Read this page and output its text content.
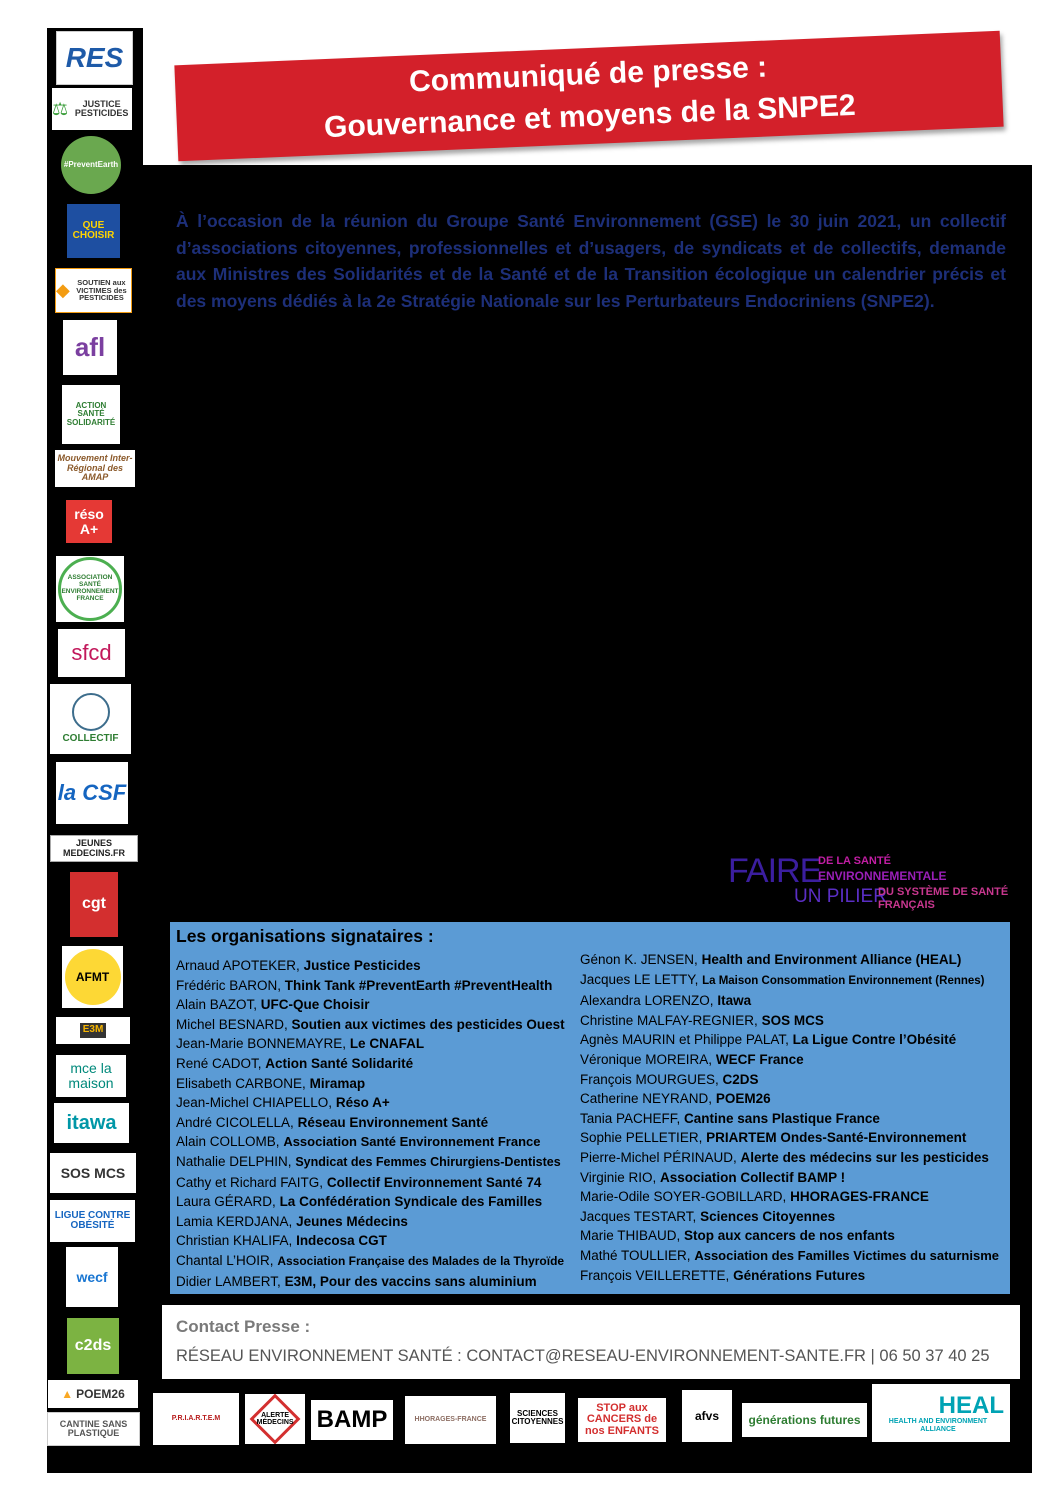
Communiqué de presse :
Gouvernance et moyens de la SNPE2
À l’occasion de la réunion du Groupe Santé Environnement (GSE) le 30 juin 2021, un collectif d’associations citoyennes, professionnelles et d’usagers, de syndicats et de collectifs, demande aux Ministres des Solidarités et de la Santé et de la Transition écologique un calendrier précis et des moyens dédiés à la 2e Stratégie Nationale sur les Perturbateurs Endocriniens (SNPE2).
FAIRE
DE LA SANTÉ
ENVIRONNEMENTALE
UN PILIER
DU SYSTÈME DE SANTÉ
FRANÇAIS
Les organisations signataires :
Arnaud APOTEKER, Justice Pesticides
Frédéric BARON, Think Tank #PreventEarth #PreventHealth
Alain BAZOT, UFC-Que Choisir
Michel BESNARD, Soutien aux victimes des pesticides Ouest
Jean-Marie BONNEMAYRE, Le CNAFAL
René CADOT, Action Santé Solidarité
Elisabeth CARBONE, Miramap
Jean-Michel CHIAPELLO, Réso A+
André CICOLELLA, Réseau Environnement Santé
Alain COLLOMB, Association Santé Environnement France
Nathalie DELPHIN, Syndicat des Femmes Chirurgiens-Dentistes
Cathy et Richard FAITG, Collectif Environnement Santé 74
Laura GÉRARD, La Confédération Syndicale des Familles
Lamia KERDJANA, Jeunes Médecins
Christian KHALIFA, Indecosa CGT
Chantal L’HOIR, Association Française des Malades de la Thyroïde
Didier LAMBERT, E3M, Pour des vaccins sans aluminium
Génon K. JENSEN, Health and Environment Alliance (HEAL)
Jacques LE LETTY, La Maison Consommation Environnement (Rennes)
Alexandra LORENZO, Itawa
Christine MALFAY-REGNIER, SOS MCS
Agnès MAURIN et Philippe PALAT, La Ligue Contre l’Obésité
Véronique MOREIRA, WECF France
François MOURGUES, C2DS
Catherine NEYRAND, POEM26
Tania PACHEFF, Cantine sans Plastique France
Sophie PELLETIER, PRIARTEM Ondes-Santé-Environnement
Pierre-Michel PÉRINAUD, Alerte des médecins sur les pesticides
Virginie RIO, Association Collectif BAMP !
Marie-Odile SOYER-GOBILLARD, HHORAGES-FRANCE
Jacques TESTART, Sciences Citoyennes
Marie THIBAUD, Stop aux cancers de nos enfants
Mathé TOULLIER, Association des Familles Victimes du saturnisme
François VEILLERETTE, Générations Futures
Contact Presse :
RÉSEAU ENVIRONNEMENT SANTÉ : CONTACT@RESEAU-ENVIRONNEMENT-SANTE.FR | 06 50 37 40 25
RES
⚖	JUSTICE PESTICIDES
#PreventEarth
QUE CHOISIR
◆ SOUTIEN aux VICTIMES des PESTICIDES
afl
ACTION SANTÉ SOLIDARITÉ
Mouvement Inter-Régional des AMAP
réso A+
ASSOCIATION SANTÉ ENVIRONNEMENT FRANCE
sfcd
COLLECTIF
la CSF
JEUNES MEDECINS.FR
cgt
AFMT
E3M
mce la maison
itawa
SOS MCS
LIGUE CONTRE OBÉSITÉ
wecf
c2ds
▲ POEM26
CANTINE SANS PLASTIQUE
P.R.I.A.R.T.E.M
ALERTE MÉDECINS BAMP	HHORAGES-FRANCE
SCIENCES CITOYENNES
STOP aux CANCERS de nos ENFANTS
afvs générations futures
HEAL
HEALTH AND ENVIRONMENT ALLIANCE
